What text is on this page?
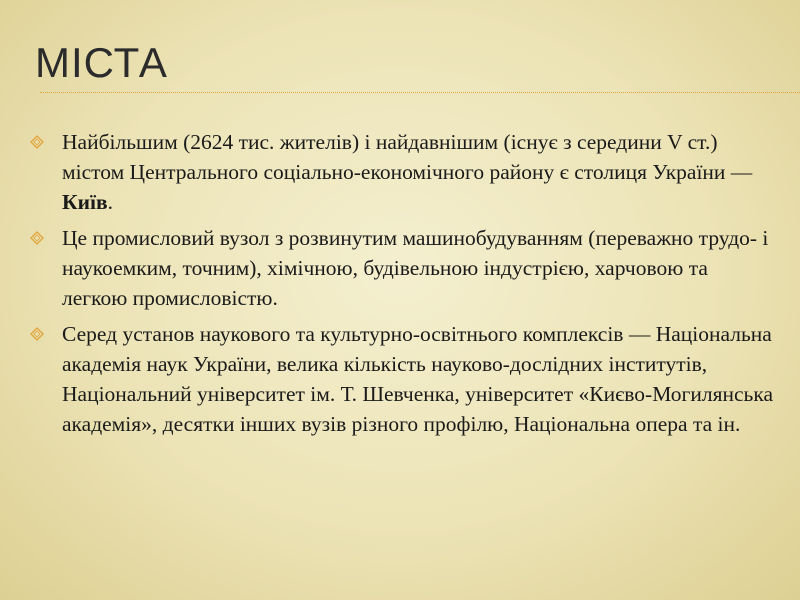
МІСТА
Найбільшим (2624 тис. жителів) і найдавнішим (існує з середини V ст.) містом Центрального соціально-економічного району є столиця України — Київ.
Це промисловий вузол з розвинутим машинобудуванням (переважно трудо- і наукоемким, точним), хімічною, будівельною індустрією, харчовою та легкою промисловістю.
Серед установ наукового та культурно-освітнього комплексів — Національна академія наук України, велика кількість науково-дослідних інститутів, Національний університет ім. Т. Шевченка, університет «Києво-Могилянська академія», десятки інших вузів різного профілю, Національна опера та ін.
